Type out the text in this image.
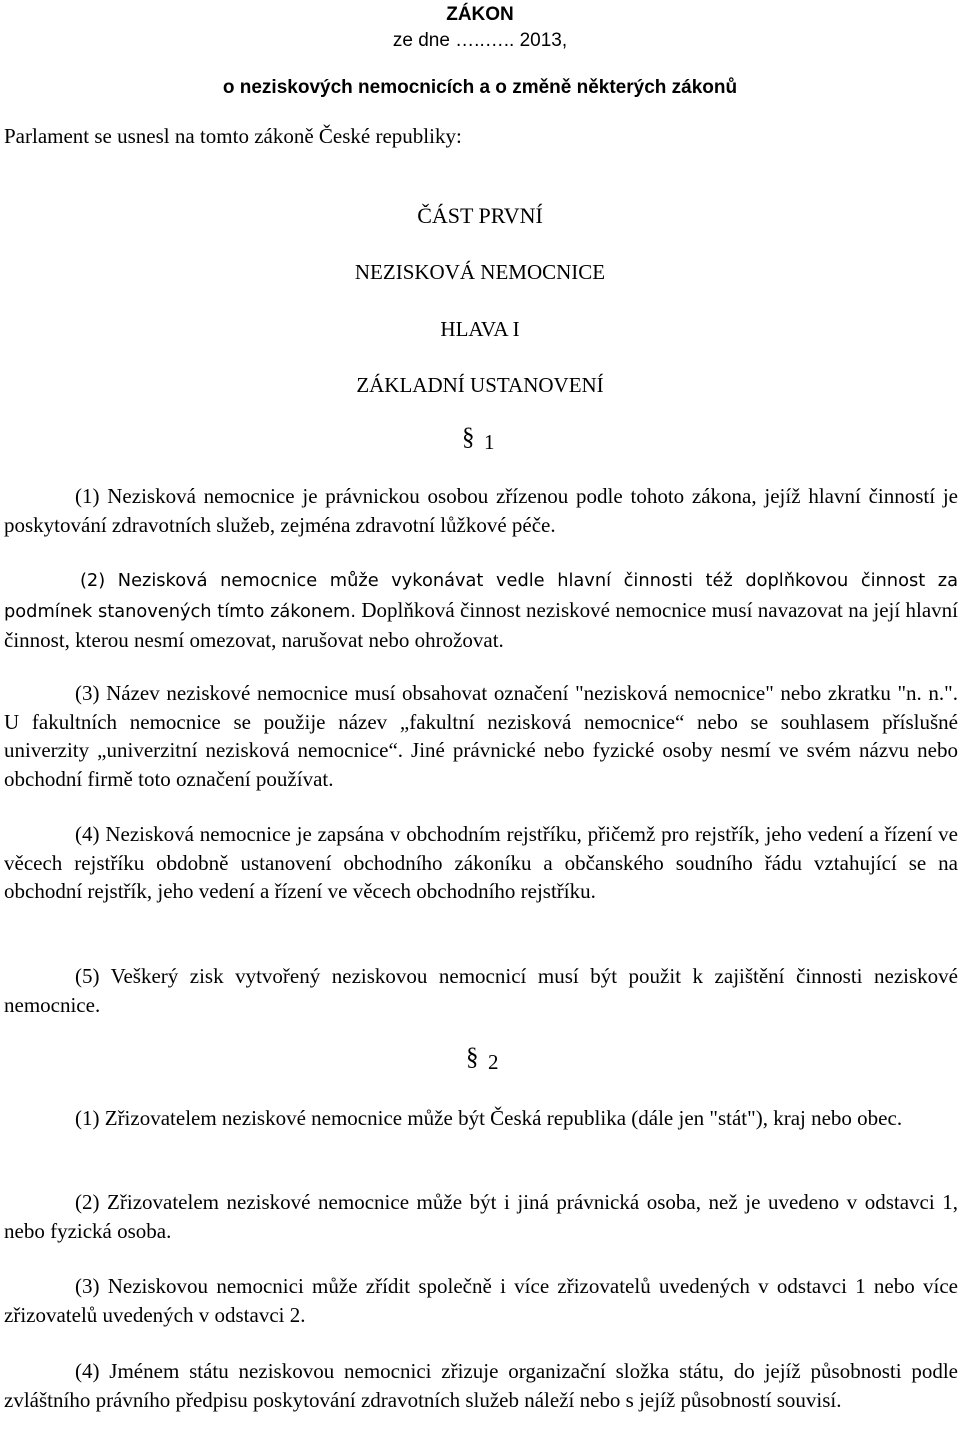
ZÁKON
ze dne …..….. 2013,
o neziskových nemocnicích a o změně některých zákonů
Parlament se usnesl na tomto zákoně České republiky:
ČÁST PRVNÍ
NEZISKOVÁ NEMOCNICE
HLAVA I
ZÁKLADNÍ USTANOVENÍ
§ 1

(1) Nezisková nemocnice je právnickou osobou zřízenou podle tohoto zákona, jejíž hlavní činností je poskytování zdravotních služeb, zejména zdravotní lůžkové péče.

(2) Nezisková nemocnice může vykonávat vedle hlavní činnosti též doplňkovou činnost za podmínek stanovených tímto zákonem. Doplňková činnost neziskové nemocnice musí navazovat na její hlavní činnost, kterou nesmí omezovat, narušovat nebo ohrožovat.

(3) Název neziskové nemocnice musí obsahovat označení "nezisková nemocnice" nebo zkratku "n. n.". U fakultních nemocnice se použije název „fakultní nezisková nemocnice“ nebo se souhlasem příslušné univerzity „univerzitní nezisková nemocnice“. Jiné právnické nebo fyzické osoby nesmí ve svém názvu nebo obchodní firmě toto označení používat.

(4) Nezisková nemocnice je zapsána v obchodním rejstříku, přičemž pro rejstřík, jeho vedení a řízení ve věcech rejstříku obdobně ustanovení obchodního zákoníku a občanského soudního řádu vztahující se na obchodní rejstřík, jeho vedení a řízení ve věcech obchodního rejstříku.

(5) Veškerý zisk vytvořený neziskovou nemocnicí musí být použit k zajištění činnosti neziskové nemocnice.

§ 2

(1) Zřizovatelem neziskové nemocnice může být Česká republika (dále jen "stát"), kraj nebo obec.

(2) Zřizovatelem neziskové nemocnice může být i jiná právnická osoba, než je uvedeno v odstavci 1, nebo fyzická osoba.

(3) Neziskovou nemocnici může zřídit společně i více zřizovatelů uvedených v odstavci 1 nebo více zřizovatelů uvedených v odstavci 2.

(4) Jménem státu neziskovou nemocnici zřizuje organizační složka státu, do jejíž působnosti podle zvláštního právního předpisu poskytování zdravotních služeb náleží nebo s jejíž působností souvisí.
